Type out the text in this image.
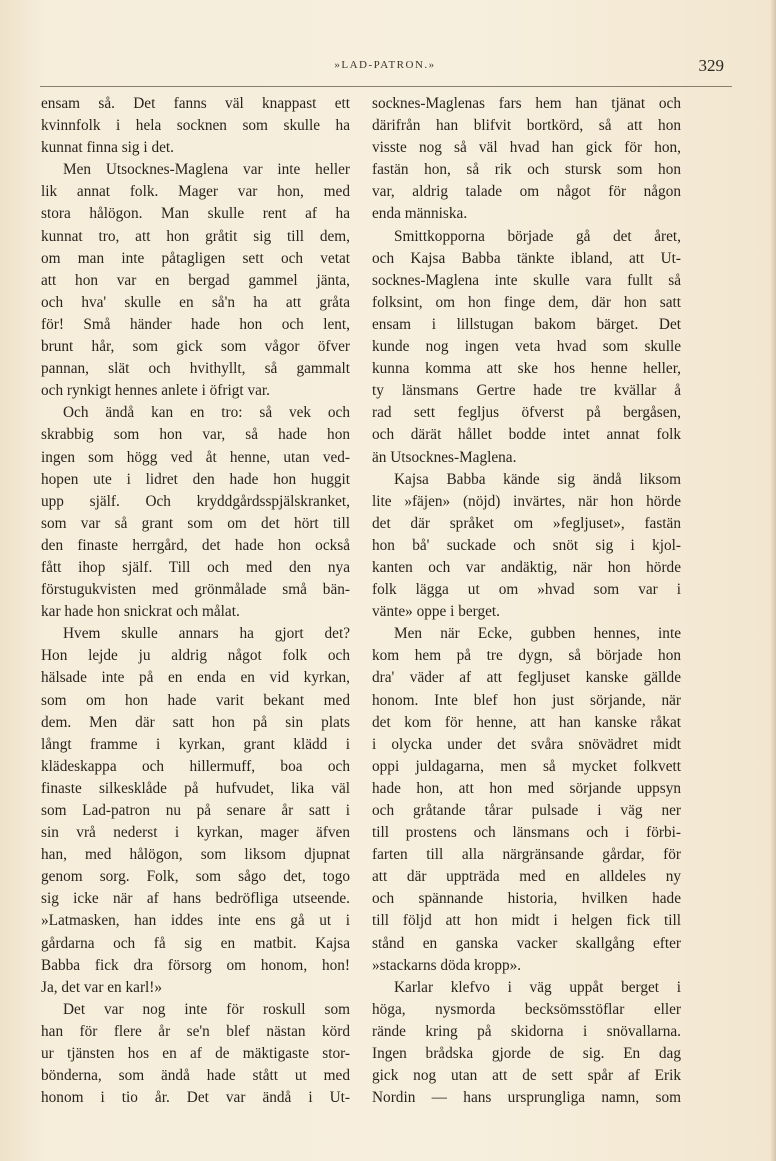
»LAD-PATRON.»	329
ensam så. Det fanns väl knappast ett
kvinnfolk i hela socknen som skulle ha
kunnat finna sig i det.
Men Utsocknes-Maglena var inte heller
lik annat folk. Mager var hon, med
stora hålögon. Man skulle rent af ha
kunnat tro, att hon gråtit sig till dem,
om man inte påtagligen sett och vetat
att hon var en bergad gammel jänta,
och hva' skulle en så'n ha att gråta
för! Små händer hade hon och lent,
brunt hår, som gick som vågor öfver
pannan, slät och hvithyllt, så gammalt
och rynkigt hennes anlete i öfrigt var.
Och ändå kan en tro: så vek och
skrabbig som hon var, så hade hon
ingen som högg ved åt henne, utan ved-
hopen ute i lidret den hade hon huggit
upp själf. Och kryddgårdsspjälskranket,
som var så grant som om det hört till
den finaste herrgård, det hade hon också
fått ihop själf. Till och med den nya
förstugukvisten med grönmålade små bän-
kar hade hon snickrat och målat.
Hvem skulle annars ha gjort det?
Hon lejde ju aldrig något folk och
hälsade inte på en enda en vid kyrkan,
som om hon hade varit bekant med
dem. Men där satt hon på sin plats
långt framme i kyrkan, grant klädd i
klädeskappa och hillermuff, boa och
finaste silkesklåde på hufvudet, lika väl
som Lad-patron nu på senare år satt i
sin vrå nederst i kyrkan, mager äfven
han, med hålögon, som liksom djupnat
genom sorg. Folk, som sågo det, togo
sig icke när af hans bedröfliga utseende.
»Latmasken, han iddes inte ens gå ut i
gårdarna och få sig en matbit. Kajsa
Babba fick dra försorg om honom, hon!
Ja, det var en karl!»
Det var nog inte för roskull som
han för flere år se'n blef nästan körd
ur tjänsten hos en af de mäktigaste stor-
bönderna, som ändå hade stått ut med
honom i tio år. Det var ändå i Ut-
socknes-Maglenas fars hem han tjänat och
därifrån han blifvit bortkörd, så att hon
visste nog så väl hvad han gick för hon,
fastän hon, så rik och stursk som hon
var, aldrig talade om något för någon
enda människa.
Smittkopporna började gå det året,
och Kajsa Babba tänkte ibland, att Ut-
socknes-Maglena inte skulle vara fullt så
folksint, om hon finge dem, där hon satt
ensam i lillstugan bakom bärget. Det
kunde nog ingen veta hvad som skulle
kunna komma att ske hos henne heller,
ty länsmans Gertre hade tre kvällar å
rad sett fegljus öfverst på bergåsen,
och därät hållet bodde intet annat folk
än Utsocknes-Maglena.
Kajsa Babba kände sig ändå liksom
lite »fäjen» (nöjd) invärtes, när hon hörde
det där språket om »fegljuset», fastän
hon bå' suckade och snöt sig i kjol-
kanten och var andäktig, när hon hörde
folk lägga ut om »hvad som var i
vänte» oppe i berget.
Men när Ecke, gubben hennes, inte
kom hem på tre dygn, så började hon
dra' väder af att fegljuset kanske gällde
honom. Inte blef hon just sörjande, när
det kom för henne, att han kanske råkat
i olycka under det svåra snövädret midt
oppi juldagarna, men så mycket folkvett
hade hon, att hon med sörjande uppsyn
och gråtande tårar pulsade i väg ner
till prostens och länsmans och i förbi-
farten till alla närgränsande gårdar, för
att där uppträda med en alldeles ny
och spännande historia, hvilken hade
till följd att hon midt i helgen fick till
stånd en ganska vacker skallgång efter
»stackarns döda kropp».
Karlar klefvo i väg uppåt berget i
höga, nysmorda becksömsstöflar eller
rände kring på skidorna i snövallarna.
Ingen brådska gjorde de sig. En dag
gick nog utan att de sett spår af Erik
Nordin — hans ursprungliga namn, som
